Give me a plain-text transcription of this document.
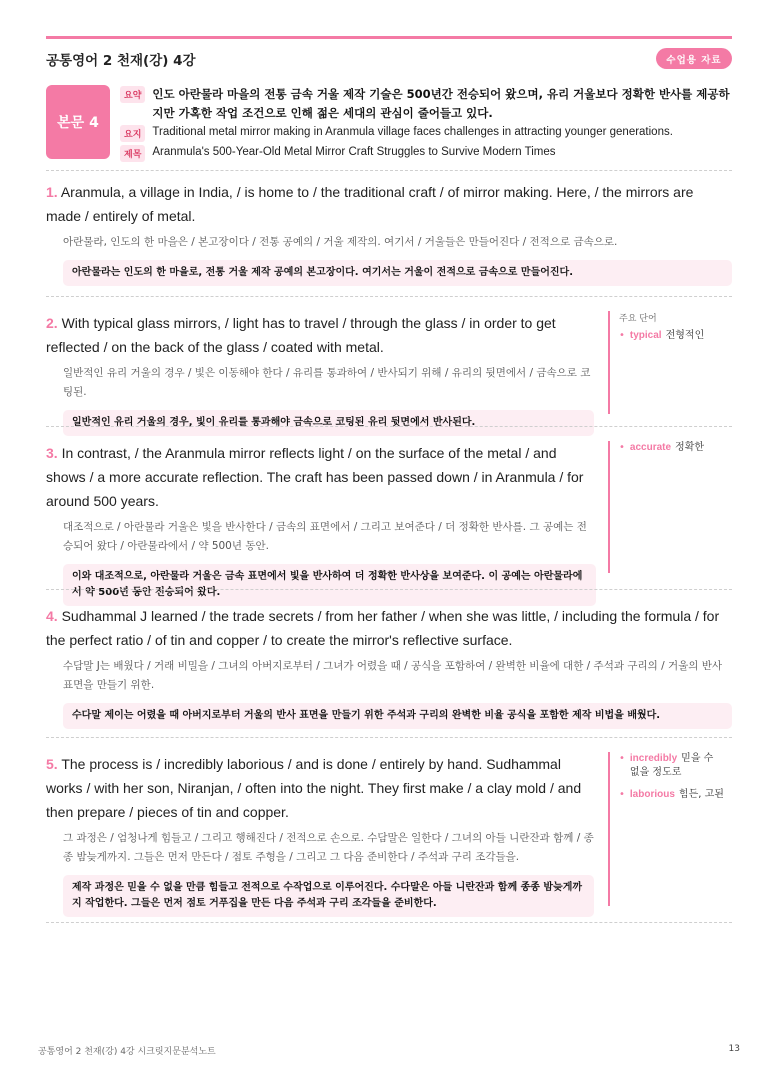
공통영어 2 천재(강) 4강	수업용 자료
본문 4
요약 인도 아란물라 마을의 전통 금속 거울 제작 기술은 500년간 전승되어 왔으며, 유리 거울보다 정확한 반사를 제공하지만 가혹한 작업 조건으로 인해 젊은 세대의 관심이 줄어들고 있다.
요지 Traditional metal mirror making in Aranmula village faces challenges in attracting younger generations.
제목 Aranmula's 500-Year-Old Metal Mirror Craft Struggles to Survive Modern Times
1. Aranmula, a village in India, / is home to / the traditional craft / of mirror making. Here, / the mirrors are made / entirely of metal.
아란물라, 인도의 한 마을은 / 본고장이다 / 전통 공예의 / 거울 제작의. 여기서 / 거울들은 만들어진다 / 전적으로 금속으로.
아란물라는 인도의 한 마을로, 전통 거울 제작 공예의 본고장이다. 여기서는 거울이 전적으로 금속으로 만들어진다.
2. With typical glass mirrors, / light has to travel / through the glass / in order to get reflected / on the back of the glass / coated with metal.
일반적인 유리 거울의 경우 / 빛은 이동해야 한다 / 유리를 통과하여 / 반사되기 위해 / 유리의 뒷면에서 / 금속으로 코팅된.
일반적인 유리 거울의 경우, 빛이 유리를 통과해야 금속으로 코팅된 유리 뒷면에서 반사된다.
주요 단어
• typical 전형적인
3. In contrast, / the Aranmula mirror reflects light / on the surface of the metal / and shows / a more accurate reflection. The craft has been passed down / in Aranmula / for around 500 years.
대조적으로 / 아란물라 거울은 빛을 반사한다 / 금속의 표면에서 / 그리고 보여준다 / 더 정확한 반사를. 그 공예는 전승되어 왔다 / 아란물라에서 / 약 500년 동안.
이와 대조적으로, 아란물라 거울은 금속 표면에서 빛을 반사하여 더 정확한 반사상을 보여준다. 이 공예는 아란물라에서 약 500년 동안 전승되어 왔다.
• accurate 정확한
4. Sudhammal J learned / the trade secrets / from her father / when she was little, / including the formula / for the perfect ratio / of tin and copper / to create the mirror's reflective surface.
수담말 J는 배웠다 / 거래 비밀을 / 그녀의 아버지로부터 / 그녀가 어렸을 때 / 공식을 포함하여 / 완벽한 비율에 대한 / 주석과 구리의 / 거울의 반사 표면을 만들기 위한.
수다말 제이는 어렸을 때 아버지로부터 거울의 반사 표면을 만들기 위한 주석과 구리의 완벽한 비율 공식을 포함한 제작 비법을 배웠다.
5. The process is / incredibly laborious / and is done / entirely by hand. Sudhammal works / with her son, Niranjan, / often into the night. They first make / a clay mold / and then prepare / pieces of tin and copper.
그 과정은 / 엄청나게 힘들고 / 그리고 행해진다 / 전적으로 손으로. 수담말은 일한다 / 그녀의 아들 니란잔과 함께 / 종종 밤늦게까지. 그들은 먼저 만든다 / 점토 주형을 / 그리고 그 다음 준비한다 / 주석과 구리 조각들을.
제작 과정은 믿을 수 없을 만큼 힘들고 전적으로 수작업으로 이루어진다. 수다말은 아들 니란잔과 함께 종종 밤늦게까지 작업한다. 그들은 먼저 점토 거푸집을 만든 다음 주석과 구리 조각들을 준비한다.
• incredibly 믿을 수 없을 정도로
• laborious 힘든, 고된
공통영어 2 천재(강) 4강 시크릿지문분석노트	13
